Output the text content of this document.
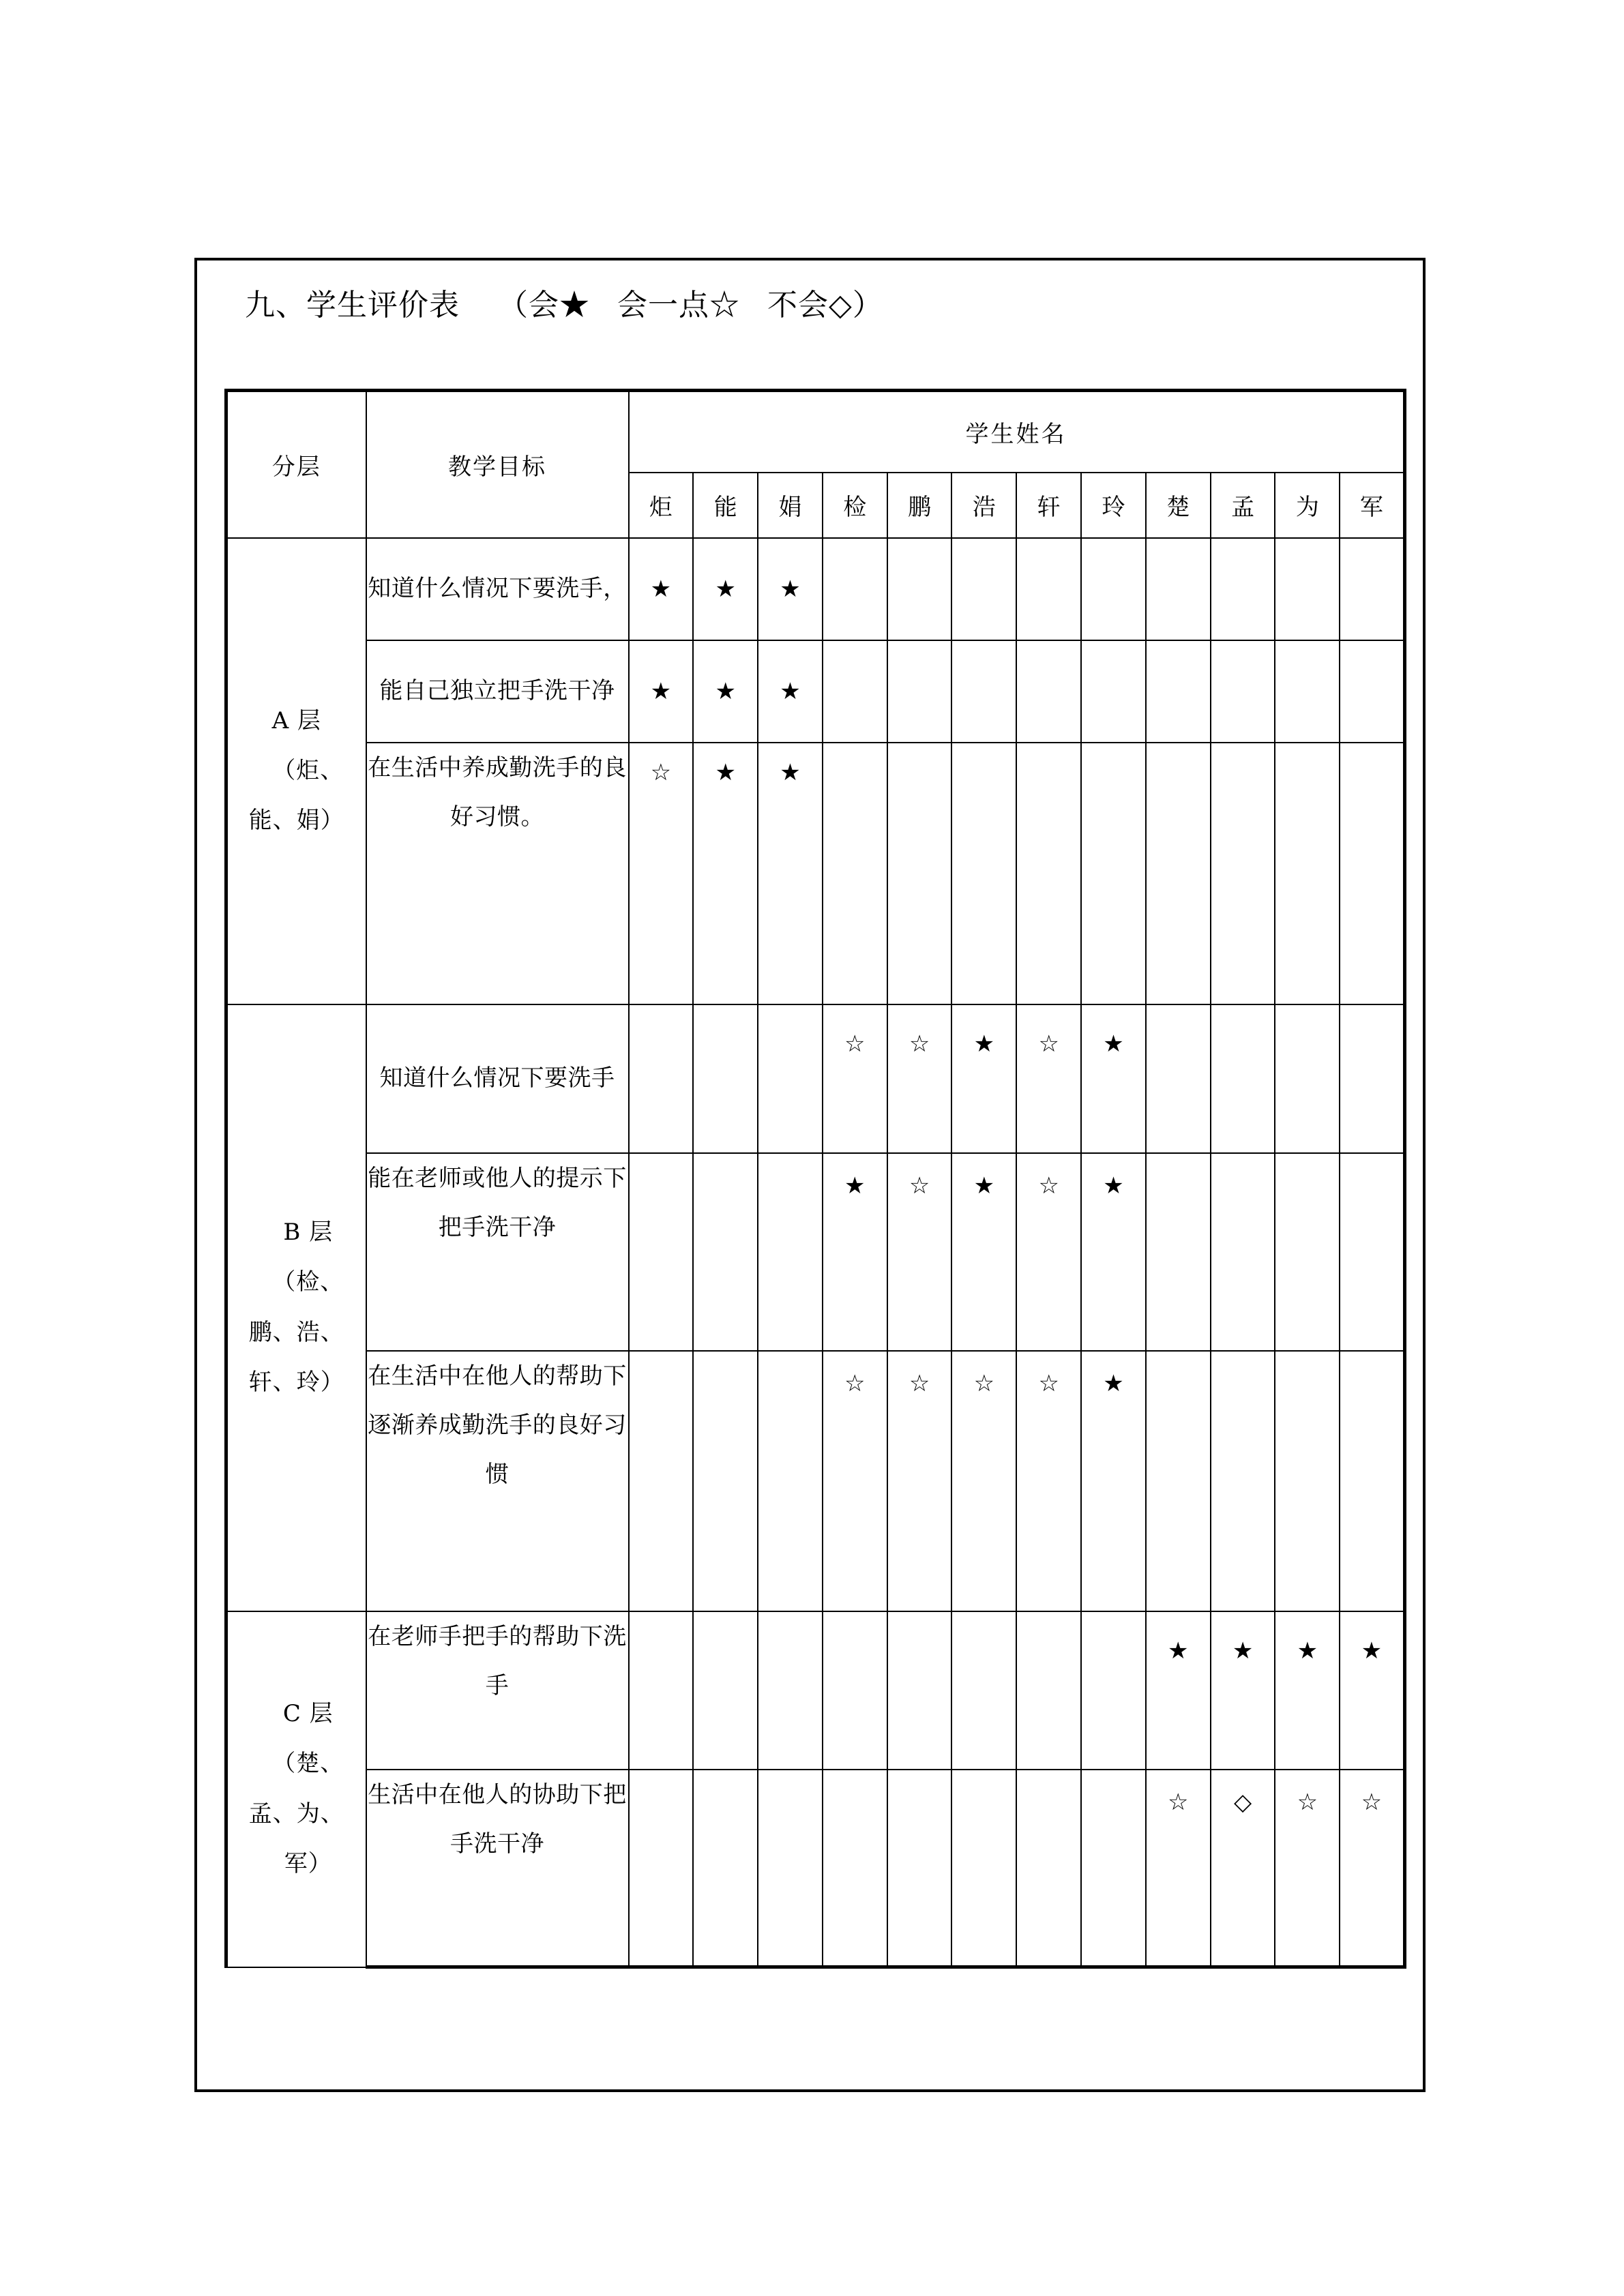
九、学生评价表 （会★ 会一点☆ 不会◇）
分层	教学目标	学生姓名											
		炬	能	娟	检	鹏	浩	轩	玲	楚	孟	为	军

A 层
（炬、
能、娟）	知道什么情况下要洗手，	★	★	★									
	能自己独立把手洗干净	★	★	★									
	在生活中养成勤洗手的良好习惯。	☆	★	★									

B 层
（检、
鹏、浩、
轩、玲）	知道什么情况下要洗手				☆	☆	★	☆	★				
	能在老师或他人的提示下把手洗干净				★	☆	★	☆	★				
	在生活中在他人的帮助下逐渐养成勤洗手的良好习惯				☆	☆	☆	☆	★				

C 层
（楚、
孟、为、
军）	在老师手把手的帮助下洗手									★	★	★	★
	生活中在他人的协助下把手洗干净									☆	◇	☆	☆
